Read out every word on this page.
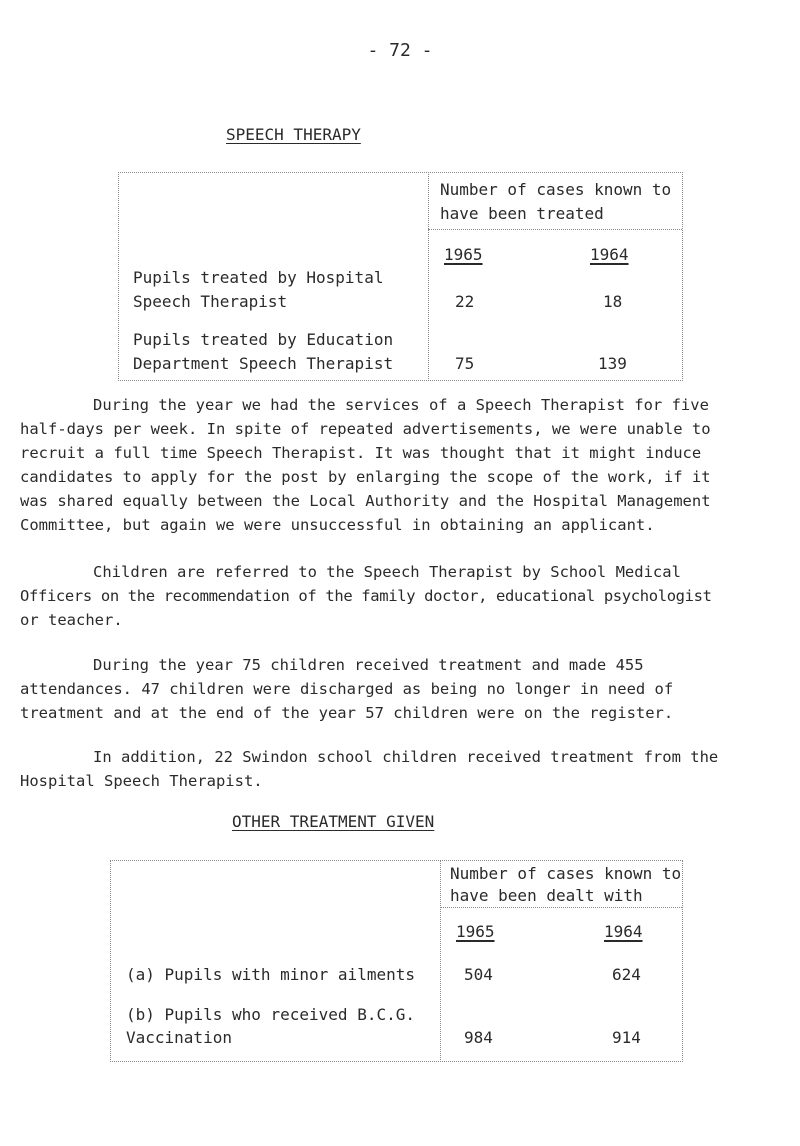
- 72 -
SPEECH THERAPY
Number of cases known to
have been treated
1965	1964
Pupils treated by Hospital
Speech Therapist	22	18
Pupils treated by Education
Department Speech Therapist	75	139

During the year we had the services of a Speech Therapist for five

half-days per week. In spite of repeated advertisements, we were unable to

recruit a full time Speech Therapist. It was thought that it might induce

candidates to apply for the post by enlarging the scope of the work, if it

was shared equally between the Local Authority and the Hospital Management

Committee, but again we were unsuccessful in obtaining an applicant.

Children are referred to the Speech Therapist by School Medical

Officers on the recommendation of the family doctor, educational psychologist

or teacher.

During the year 75 children received treatment and made 455

attendances. 47 children were discharged as being no longer in need of

treatment and at the end of the year 57 children were on the register.

In addition, 22 Swindon school children received treatment from the

Hospital Speech Therapist.

OTHER TREATMENT GIVEN
Number of cases known to
have been dealt with
1965	1964
(a) Pupils with minor ailments	504	624
(b) Pupils who received B.C.G.
Vaccination	984	914
